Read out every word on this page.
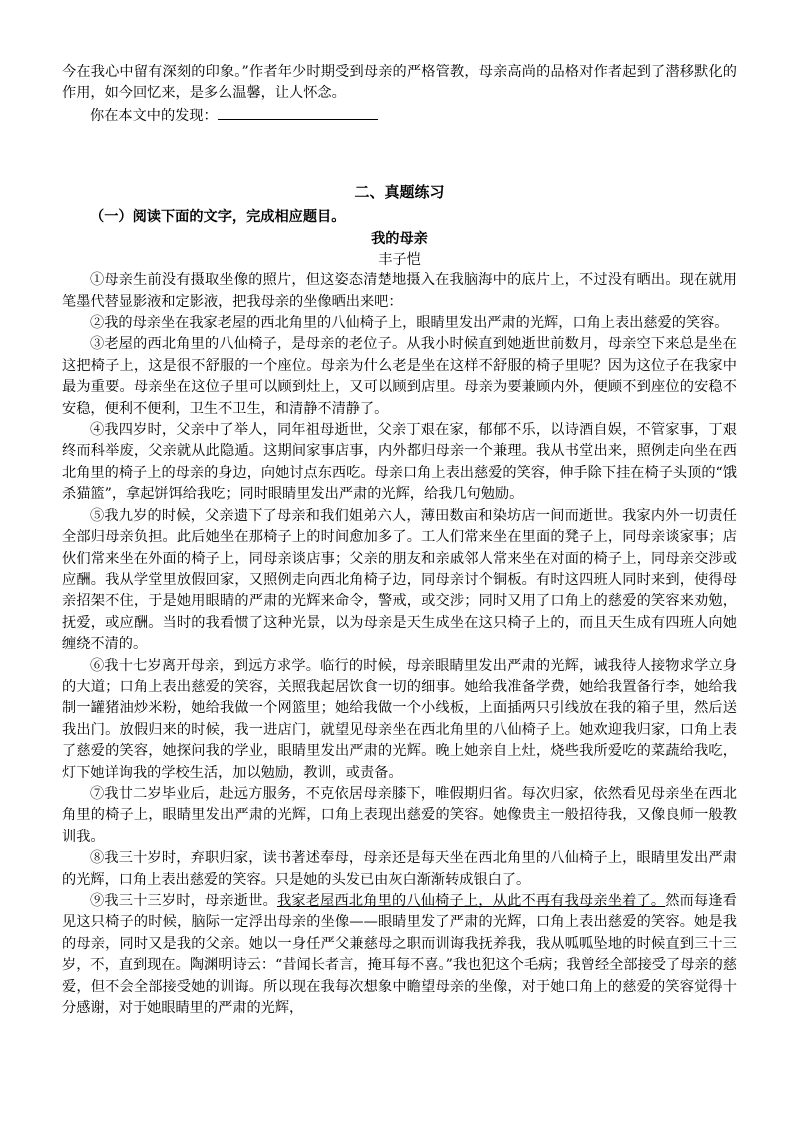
今在我心中留有深刻的印象。”作者年少时期受到母亲的严格管教，母亲高尚的品格对作者起到了潜移默化的作用，如今回忆来，是多么温馨，让人怀念。

你在本文中的发现：

二、真题练习
（一）阅读下面的文字，完成相应题目。
我的母亲
丰子恺

①母亲生前没有摄取坐像的照片，但这姿态清楚地摄入在我脑海中的底片上，不过没有晒出。现在就用笔墨代替显影液和定影液，把我母亲的坐像晒出来吧：

②我的母亲坐在我家老屋的西北角里的八仙椅子上，眼睛里发出严肃的光辉，口角上表出慈爱的笑容。

③老屋的西北角里的八仙椅子，是母亲的老位子。从我小时候直到她逝世前数月，母亲空下来总是坐在这把椅子上，这是很不舒服的一个座位。母亲为什么老是坐在这样不舒服的椅子里呢？因为这位子在我家中最为重要。母亲坐在这位子里可以顾到灶上，又可以顾到店里。母亲为要兼顾内外，便顾不到座位的安稳不安稳，便利不便利，卫生不卫生，和清静不清静了。

④我四岁时，父亲中了举人，同年祖母逝世，父亲丁艰在家，郁郁不乐，以诗酒自娱，不管家事，丁艰终而科举废，父亲就从此隐遁。这期间家事店事，内外都归母亲一个兼理。我从书堂出来，照例走向坐在西北角里的椅子上的母亲的身边，向她讨点东西吃。母亲口角上表出慈爱的笑容，伸手除下挂在椅子头顶的“饿杀猫篮”，拿起饼饵给我吃；同时眼睛里发出严肃的光辉，给我几句勉励。

⑤我九岁的时候，父亲遗下了母亲和我们姐弟六人，薄田数亩和染坊店一间而逝世。我家内外一切责任全部归母亲负担。此后她坐在那椅子上的时间愈加多了。工人们常来坐在里面的凳子上，同母亲谈家事；店伙们常来坐在外面的椅子上，同母亲谈店事；父亲的朋友和亲戚邻人常来坐在对面的椅子上，同母亲交涉或应酬。我从学堂里放假回家，又照例走向西北角椅子边，同母亲讨个铜板。有时这四班人同时来到，使得母亲招架不住，于是她用眼睛的严肃的光辉来命令，警戒，或交涉；同时又用了口角上的慈爱的笑容来劝勉，抚爱，或应酬。当时的我看惯了这种光景，以为母亲是天生成坐在这只椅子上的，而且天生成有四班人向她缠绕不清的。

⑥我十七岁离开母亲，到远方求学。临行的时候，母亲眼睛里发出严肃的光辉，诫我待人接物求学立身的大道；口角上表出慈爱的笑容，关照我起居饮食一切的细事。她给我准备学费，她给我置备行李，她给我制一罐猪油炒米粉，她给我做一个网篮里；她给我做一个小线板，上面插两只引线放在我的箱子里，然后送我出门。放假归来的时候，我一进店门，就望见母亲坐在西北角里的八仙椅子上。她欢迎我归家，口角上表了慈爱的笑容，她探问我的学业，眼睛里发出严肃的光辉。晚上她亲自上灶，烧些我所爱吃的菜蔬给我吃，灯下她详询我的学校生活，加以勉励，教训，或责备。

⑦我廿二岁毕业后，赴远方服务，不克依居母亲膝下，唯假期归省。每次归家，依然看见母亲坐在西北角里的椅子上，眼睛里发出严肃的光辉，口角上表现出慈爱的笑容。她像贵主一般招待我，又像良师一般教训我。

⑧我三十岁时，弃职归家，读书著述奉母，母亲还是每天坐在西北角里的八仙椅子上，眼睛里发出严肃的光辉，口角上表出慈爱的笑容。只是她的头发已由灰白渐渐转成银白了。

⑨我三十三岁时，母亲逝世。我家老屋西北角里的八仙椅子上，从此不再有我母亲坐着了。然而每逢看见这只椅子的时候，脑际一定浮出母亲的坐像——眼睛里发了严肃的光辉，口角上表出慈爱的笑容。她是我的母亲，同时又是我的父亲。她以一身任严父兼慈母之职而训诲我抚养我，我从呱呱坠地的时候直到三十三岁，不，直到现在。陶渊明诗云：“昔闻长者言，掩耳每不喜。”我也犯这个毛病；我曾经全部接受了母亲的慈爱，但不会全部接受她的训诲。所以现在我每次想象中瞻望母亲的坐像，对于她口角上的慈爱的笑容觉得十分感谢，对于她眼睛里的严肃的光辉，
